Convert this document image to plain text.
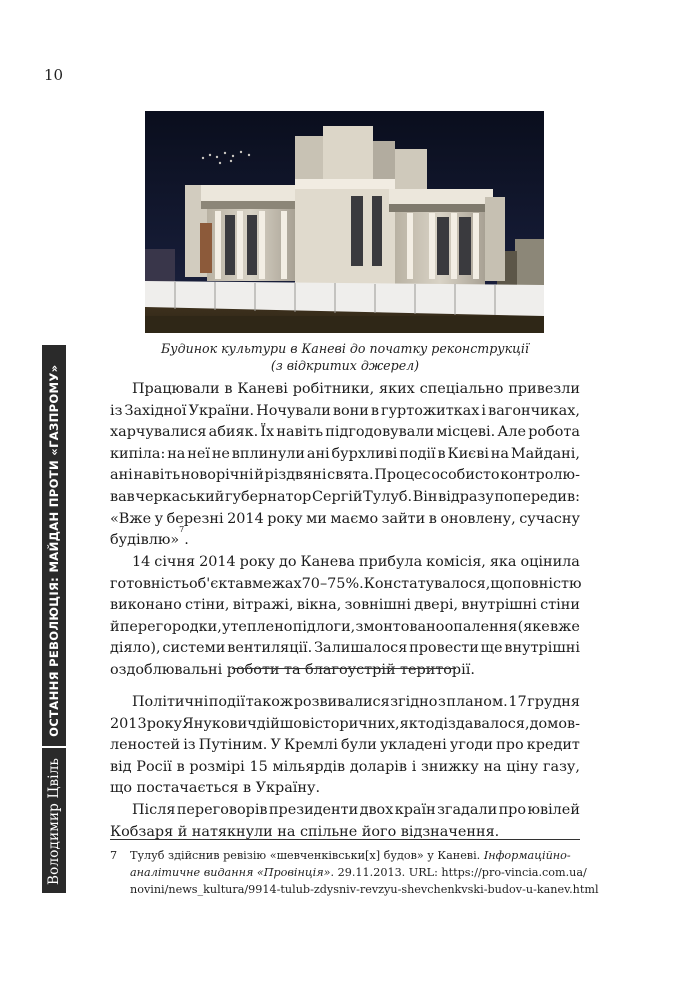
10
Володимир Цвіль
ОСТАННЯ РЕВОЛЮЦІЯ: МАЙДАН ПРОТИ «ГАЗПРОМУ»
Будинок культури в Каневі до початку реконструкції
(з відкритих джерел)
Працювали в Каневі робітники, яких спеціально привезли
із Західної України. Ночували вони в гуртожитках і вагончиках,
харчувалися абияк. Їх навіть підгодовували місцеві. Але робота
кипіла: на неї не вплинули ані бурхливі події в Києві на Майдані,
ані навіть новорічні й різдвяні свята. Процес особисто контролю-
вав черкаський губернатор Сергій Тулуб. Він відразу попередив:
«Вже у березні 2014 року ми маємо зайти в оновлену, сучасну
будівлю»
7
.
14 січня 2014 року до Канева прибула комісія, яка оцінила
готовність об'єкта в межах 70–75 %. Констатувалося, що повністю
виконано стіни, вітражі, вікна, зовнішні двері, внутрішні стіни
й перегородки, утеплено підлоги, змонтовано опалення (яке вже
діяло), системи вентиляції. Залишалося провести ще внутрішні
оздоблювальні роботи та благоустрій території.
Політичні події також розвивалися згідно з планом. 17 грудня
2013 року Янукович дійшов історичних, як тоді здавалося, домов-
леностей із Путіним. У Кремлі були укладені угоди про кредит
від Росії в розмірі 15 мільярдів доларів і знижку на ціну газу,
що постачається в Україну.
Після переговорів президенти двох країн згадали про ювілей
Кобзаря й натякнули на спільне його відзначення.
7 Тулуб здійснив ревізію «шевченківськи[х] будов» у Каневі. Інформаційно-
аналітичне видання «Провінція». 29.11.2013. URL: https://pro-vincia.com.ua/
novini/news_kultura/9914-tulub-zdysniv-revzyu-shevchenkvski-budov-u-kanev.html
